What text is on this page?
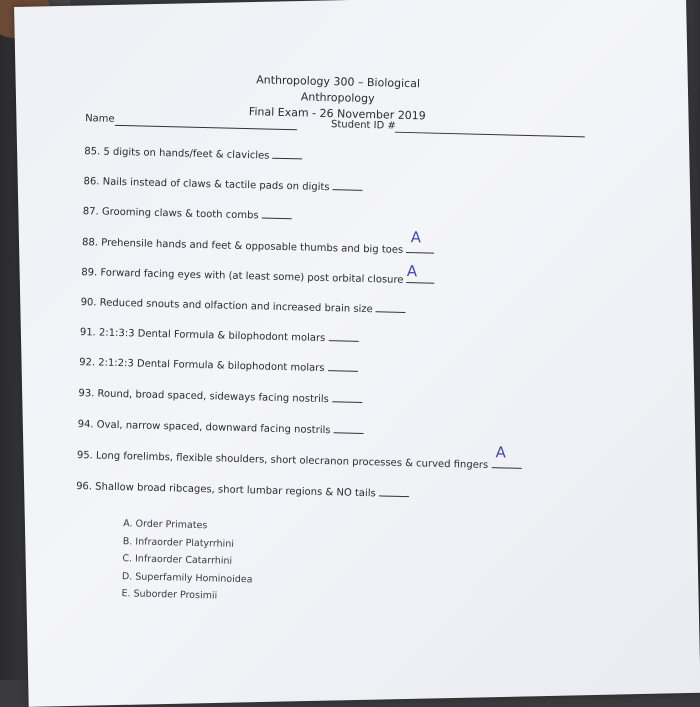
Anthropology 300 – Biological Anthropology
Final Exam - 26 November 2019
Name
Student ID #
85. 5 digits on hands/feet & clavicles
86. Nails instead of claws & tactile pads on digits
87. Grooming claws & tooth combs
88. Prehensile hands and feet & opposable thumbs and big toes A
89. Forward facing eyes with (at least some) post orbital closure A
90. Reduced snouts and olfaction and increased brain size
91. 2:1:3:3 Dental Formula & bilophodont molars
92. 2:1:2:3 Dental Formula & bilophodont molars
93. Round, broad spaced, sideways facing nostrils
94. Oval, narrow spaced, downward facing nostrils
95. Long forelimbs, flexible shoulders, short olecranon processes & curved fingers A
96. Shallow broad ribcages, short lumbar regions & NO tails
A. Order Primates
B. Infraorder Platyrrhini
C. Infraorder Catarrhini
D. Superfamily Hominoidea
E. Suborder Prosimii
